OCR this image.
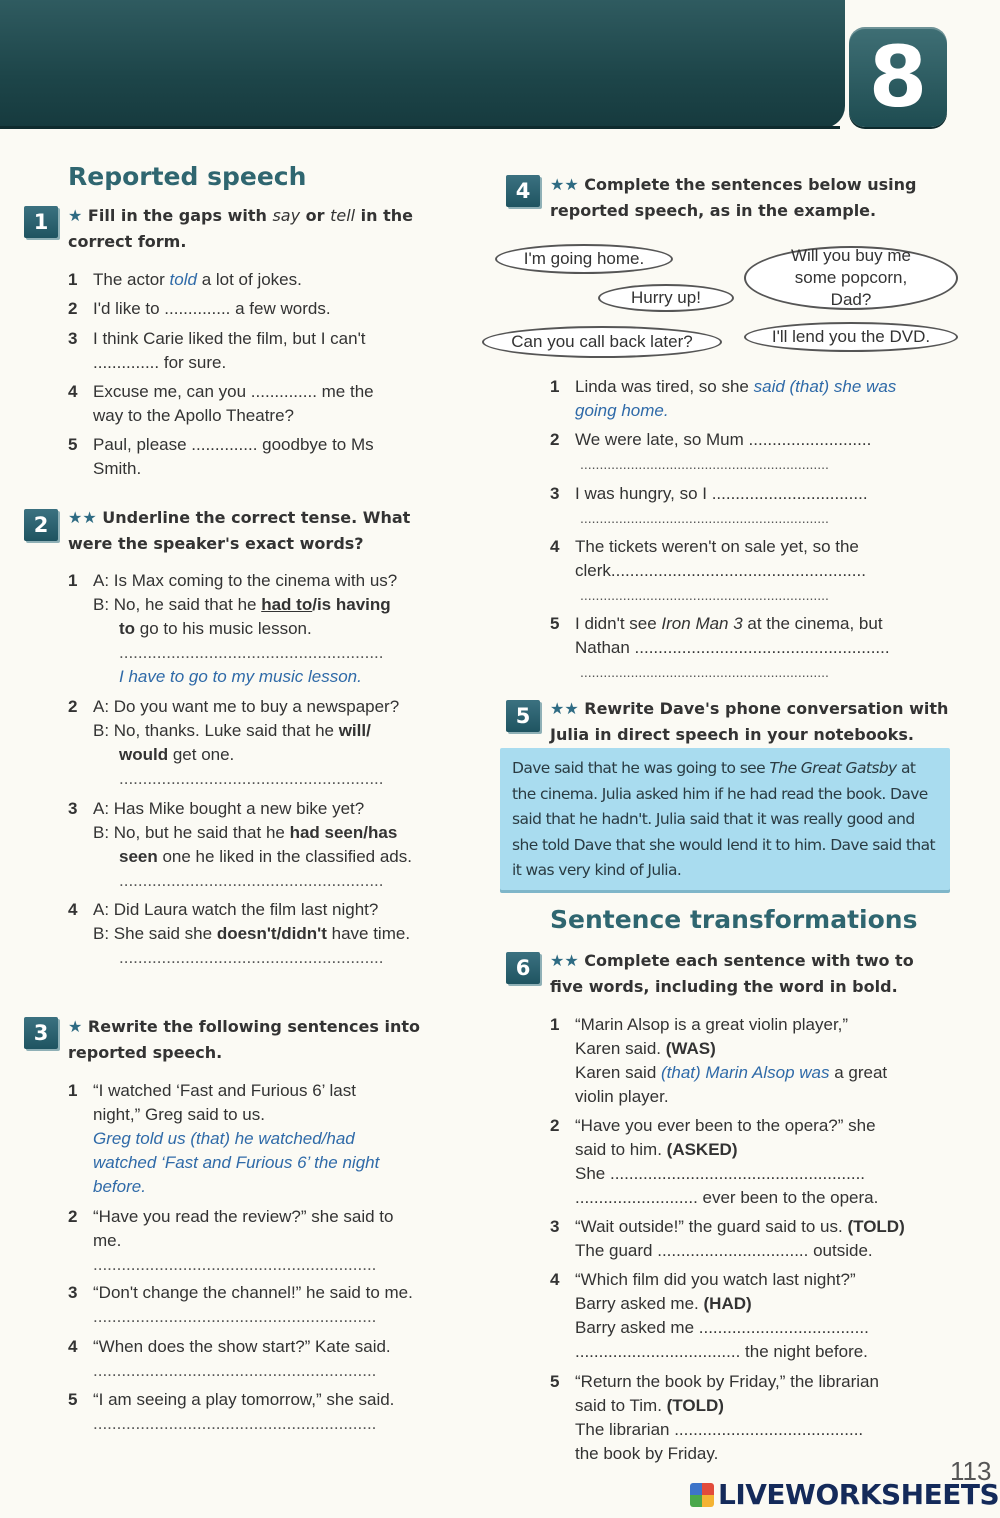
8
Reported speech
1	★ Fill in the gaps with say or tell in the correct form.
1 The actor told a lot of jokes.
2 I'd like to .............. a few words.
3 I think Carie liked the film, but I can't
.............. for sure.
4 Excuse me, can you .............. me the
way to the Apollo Theatre?
5 Paul, please .............. goodbye to Ms
Smith.
2	★★ Underline the correct tense. What were the speaker's exact words?
1 A: Is Max coming to the cinema with us?
B: No, he said that he had to/is having
to go to his music lesson.
........................................................
I have to go to my music lesson.
2 A: Do you want me to buy a newspaper?
B: No, thanks. Luke said that he will/
would get one.
........................................................
3 A: Has Mike bought a new bike yet?
B: No, but he said that he had seen/has
seen one he liked in the classified ads.
........................................................
4 A: Did Laura watch the film last night?
B: She said she doesn't/didn't have time.
........................................................
3	★ Rewrite the following sentences into reported speech.
1 “I watched ‘Fast and Furious 6’ last
night,” Greg said to us.
Greg told us (that) he watched/had
watched ‘Fast and Furious 6’ the night
before.
2 “Have you read the review?” she said to
me.
............................................................
3 “Don't change the channel!” he said to me.
............................................................
4 “When does the show start?” Kate said.
............................................................
5 “I am seeing a play tomorrow,” she said.
............................................................
4	★★ Complete the sentences below using reported speech, as in the example.
I'm going home.	Will you buy me some popcorn, Dad?
Hurry up!
Can you call back later?	I'll lend you the DVD.
1 Linda was tired, so she said (that) she was
going home.
2 We were late, so Mum ..........................
................................................................
3 I was hungry, so I .................................
................................................................
4 The tickets weren't on sale yet, so the
clerk......................................................
................................................................
5 I didn't see Iron Man 3 at the cinema, but
Nathan ......................................................
................................................................
5	★★ Rewrite Dave's phone conversation with Julia in direct speech in your notebooks.
Dave said that he was going to see The Great Gatsby at the cinema. Julia asked him if he had read the book. Dave said that he hadn't. Julia said that it was really good and she told Dave that she would lend it to him. Dave said that it was very kind of Julia.
Sentence transformations
6	★★ Complete each sentence with two to five words, including the word in bold.
1 “Marin Alsop is a great violin player,”
Karen said. (WAS)
Karen said (that) Marin Alsop was a great
violin player.
2 “Have you ever been to the opera?” she
said to him. (ASKED)
She ......................................................
.......................... ever been to the opera.
3 “Wait outside!” the guard said to us. (TOLD)
The guard ................................ outside.
4 “Which film did you watch last night?”
Barry asked me. (HAD)
Barry asked me ....................................
................................... the night before.
5 “Return the book by Friday,” the librarian
said to Tim. (TOLD)
The librarian ........................................
the book by Friday.
113
LIVEWORKSHEETS
